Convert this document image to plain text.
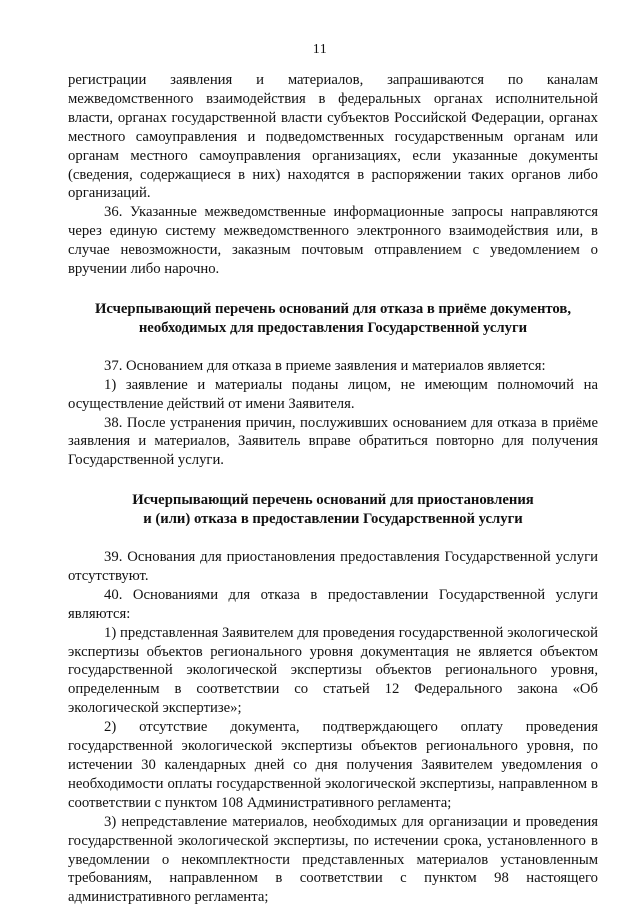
11

регистрации заявления и материалов, запрашиваются по каналам межведомственного взаимодействия в федеральных органах исполнительной власти, органах государственной власти субъектов Российской Федерации, органах местного самоуправления и подведомственных государственным органам или органам местного самоуправления организациях, если указанные документы (сведения, содержащиеся в них) находятся в распоряжении таких органов либо организаций.

36. Указанные межведомственные информационные запросы направляются через единую систему межведомственного электронного взаимодействия или, в случае невозможности, заказным почтовым отправлением с уведомлением о вручении либо нарочно.

Исчерпывающий перечень оснований для отказа в приёме документов,

необходимых для предоставления Государственной услуги

37. Основанием для отказа в приеме заявления и материалов является:

1) заявление и материалы поданы лицом, не имеющим полномочий на осуществление действий от имени Заявителя.

38. После устранения причин, послуживших основанием для отказа в приёме заявления и материалов, Заявитель вправе обратиться повторно для получения Государственной услуги.

Исчерпывающий перечень оснований для приостановления

и (или) отказа в предоставлении Государственной услуги

39. Основания для приостановления предоставления Государственной услуги отсутствуют.

40. Основаниями для отказа в предоставлении Государственной услуги являются:

1) представленная Заявителем для проведения государственной экологической экспертизы объектов регионального уровня документация не является объектом государственной экологической экспертизы объектов регионального уровня, определенным в соответствии со статьей 12 Федерального закона «Об экологической экспертизе»;

2) отсутствие документа, подтверждающего оплату проведения государственной экологической экспертизы объектов регионального уровня, по истечении 30 календарных дней со дня получения Заявителем уведомления о необходимости оплаты государственной экологической экспертизы, направленном в соответствии с пунктом 108 Административного регламента;

3) непредставление материалов, необходимых для организации и проведения государственной экологической экспертизы, по истечении срока, установленного в уведомлении о некомплектности представленных материалов установленным требованиям, направленном в соответствии с пунктом 98 настоящего административного регламента;
